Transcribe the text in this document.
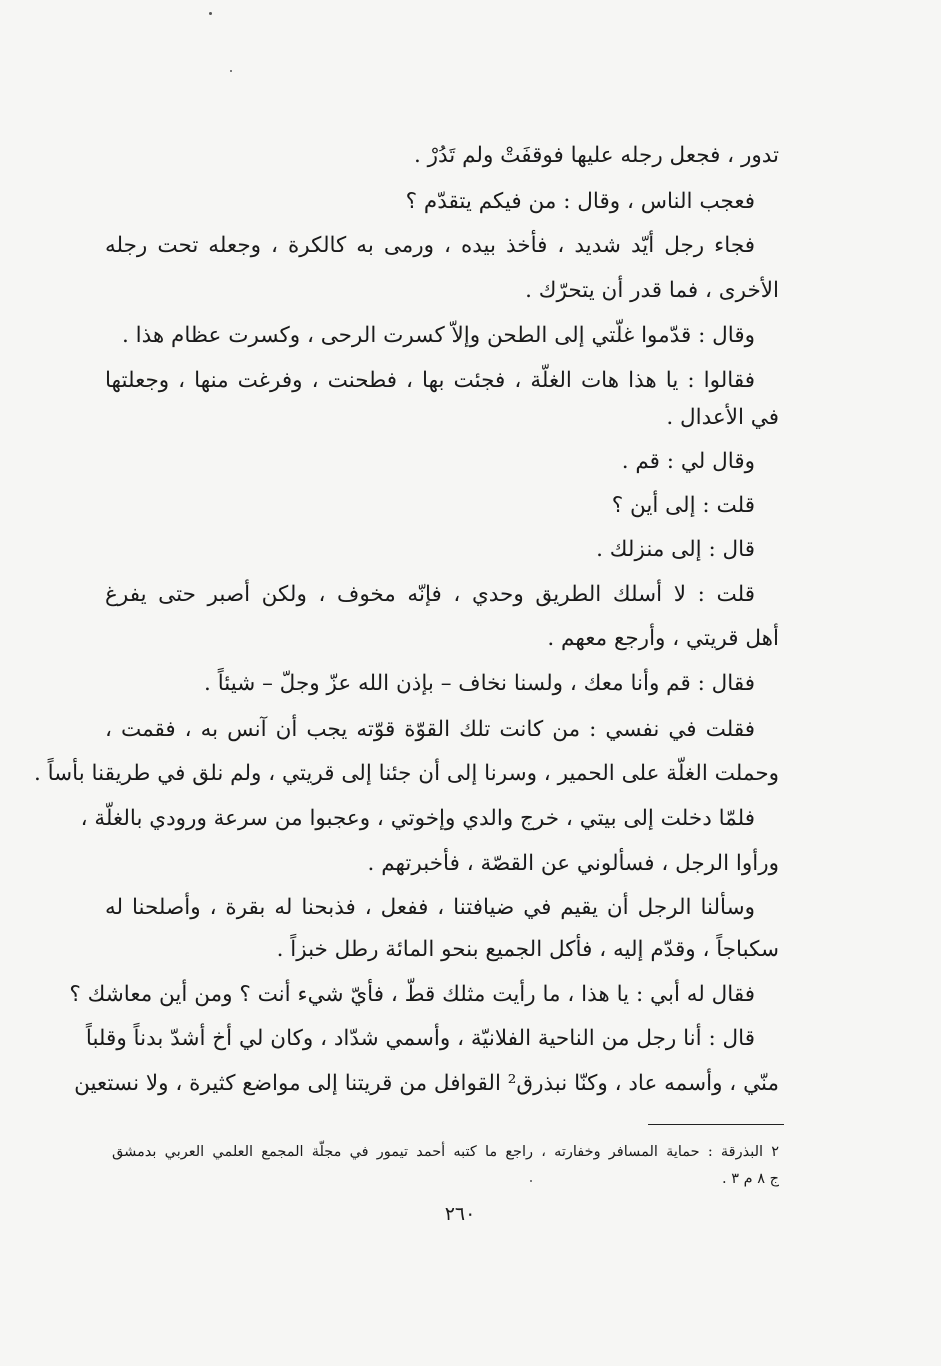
تدور ، فجعل رجله عليها فوقفَتْ ولم تَدُرْ .
فعجب الناس ، وقال : من فيكم يتقدّم ؟
فجاء رجل أيّد شديد ، فأخذ بيده ، ورمى به كالكرة ، وجعله تحت رجله
الأخرى ، فما قدر أن يتحرّك .
وقال : قدّموا غلّتي إلى الطحن وإلاّ كسرت الرحى ، وكسرت عظام هذا .
فقالوا : يا هذا هات الغلّة ، فجئت بها ، فطحنت ، وفرغت منها ، وجعلتها
في الأعدال .
وقال لي : قم .
قلت : إلى أين ؟
قال : إلى منزلك .
قلت : لا أسلك الطريق وحدي ، فإنّه مخوف ، ولكن أصبر حتى يفرغ
أهل قريتي ، وأرجع معهم .
فقال : قم وأنا معك ، ولسنا نخاف – بإذن الله عزّ وجلّ – شيئاً .
فقلت في نفسي : من كانت تلك القوّة قوّته يجب أن آنس به ، فقمت ،
وحملت الغلّة على الحمير ، وسرنا إلى أن جئنا إلى قريتي ، ولم نلق في طريقنا بأساً .
فلمّا دخلت إلى بيتي ، خرج والدي وإخوتي ، وعجبوا من سرعة ورودي بالغلّة ،
ورأوا الرجل ، فسألوني عن القصّة ، فأخبرتهم .
وسألنا الرجل أن يقيم في ضيافتنا ، ففعل ، فذبحنا له بقرة ، وأصلحنا له
سكباجاً ، وقدّم إليه ، فأكل الجميع بنحو المائة رطل خبزاً .
فقال له أبي : يا هذا ، ما رأيت مثلك قطّ ، فأيّ شيء أنت ؟ ومن أين معاشك ؟
قال : أنا رجل من الناحية الفلانيّة ، وأسمي شدّاد ، وكان لي أخ أشدّ بدناً وقلباً
منّي ، وأسمه عاد ، وكنّا نبذرق² القوافل من قريتنا إلى مواضع كثيرة ، ولا نستعين
٢ البذرقة : حماية المسافر وخفارته ، راجع ما كتبه أحمد تيمور في مجلّة المجمع العلمي العربي بدمشق
ج ٨ م ٣ .
٢٦٠
